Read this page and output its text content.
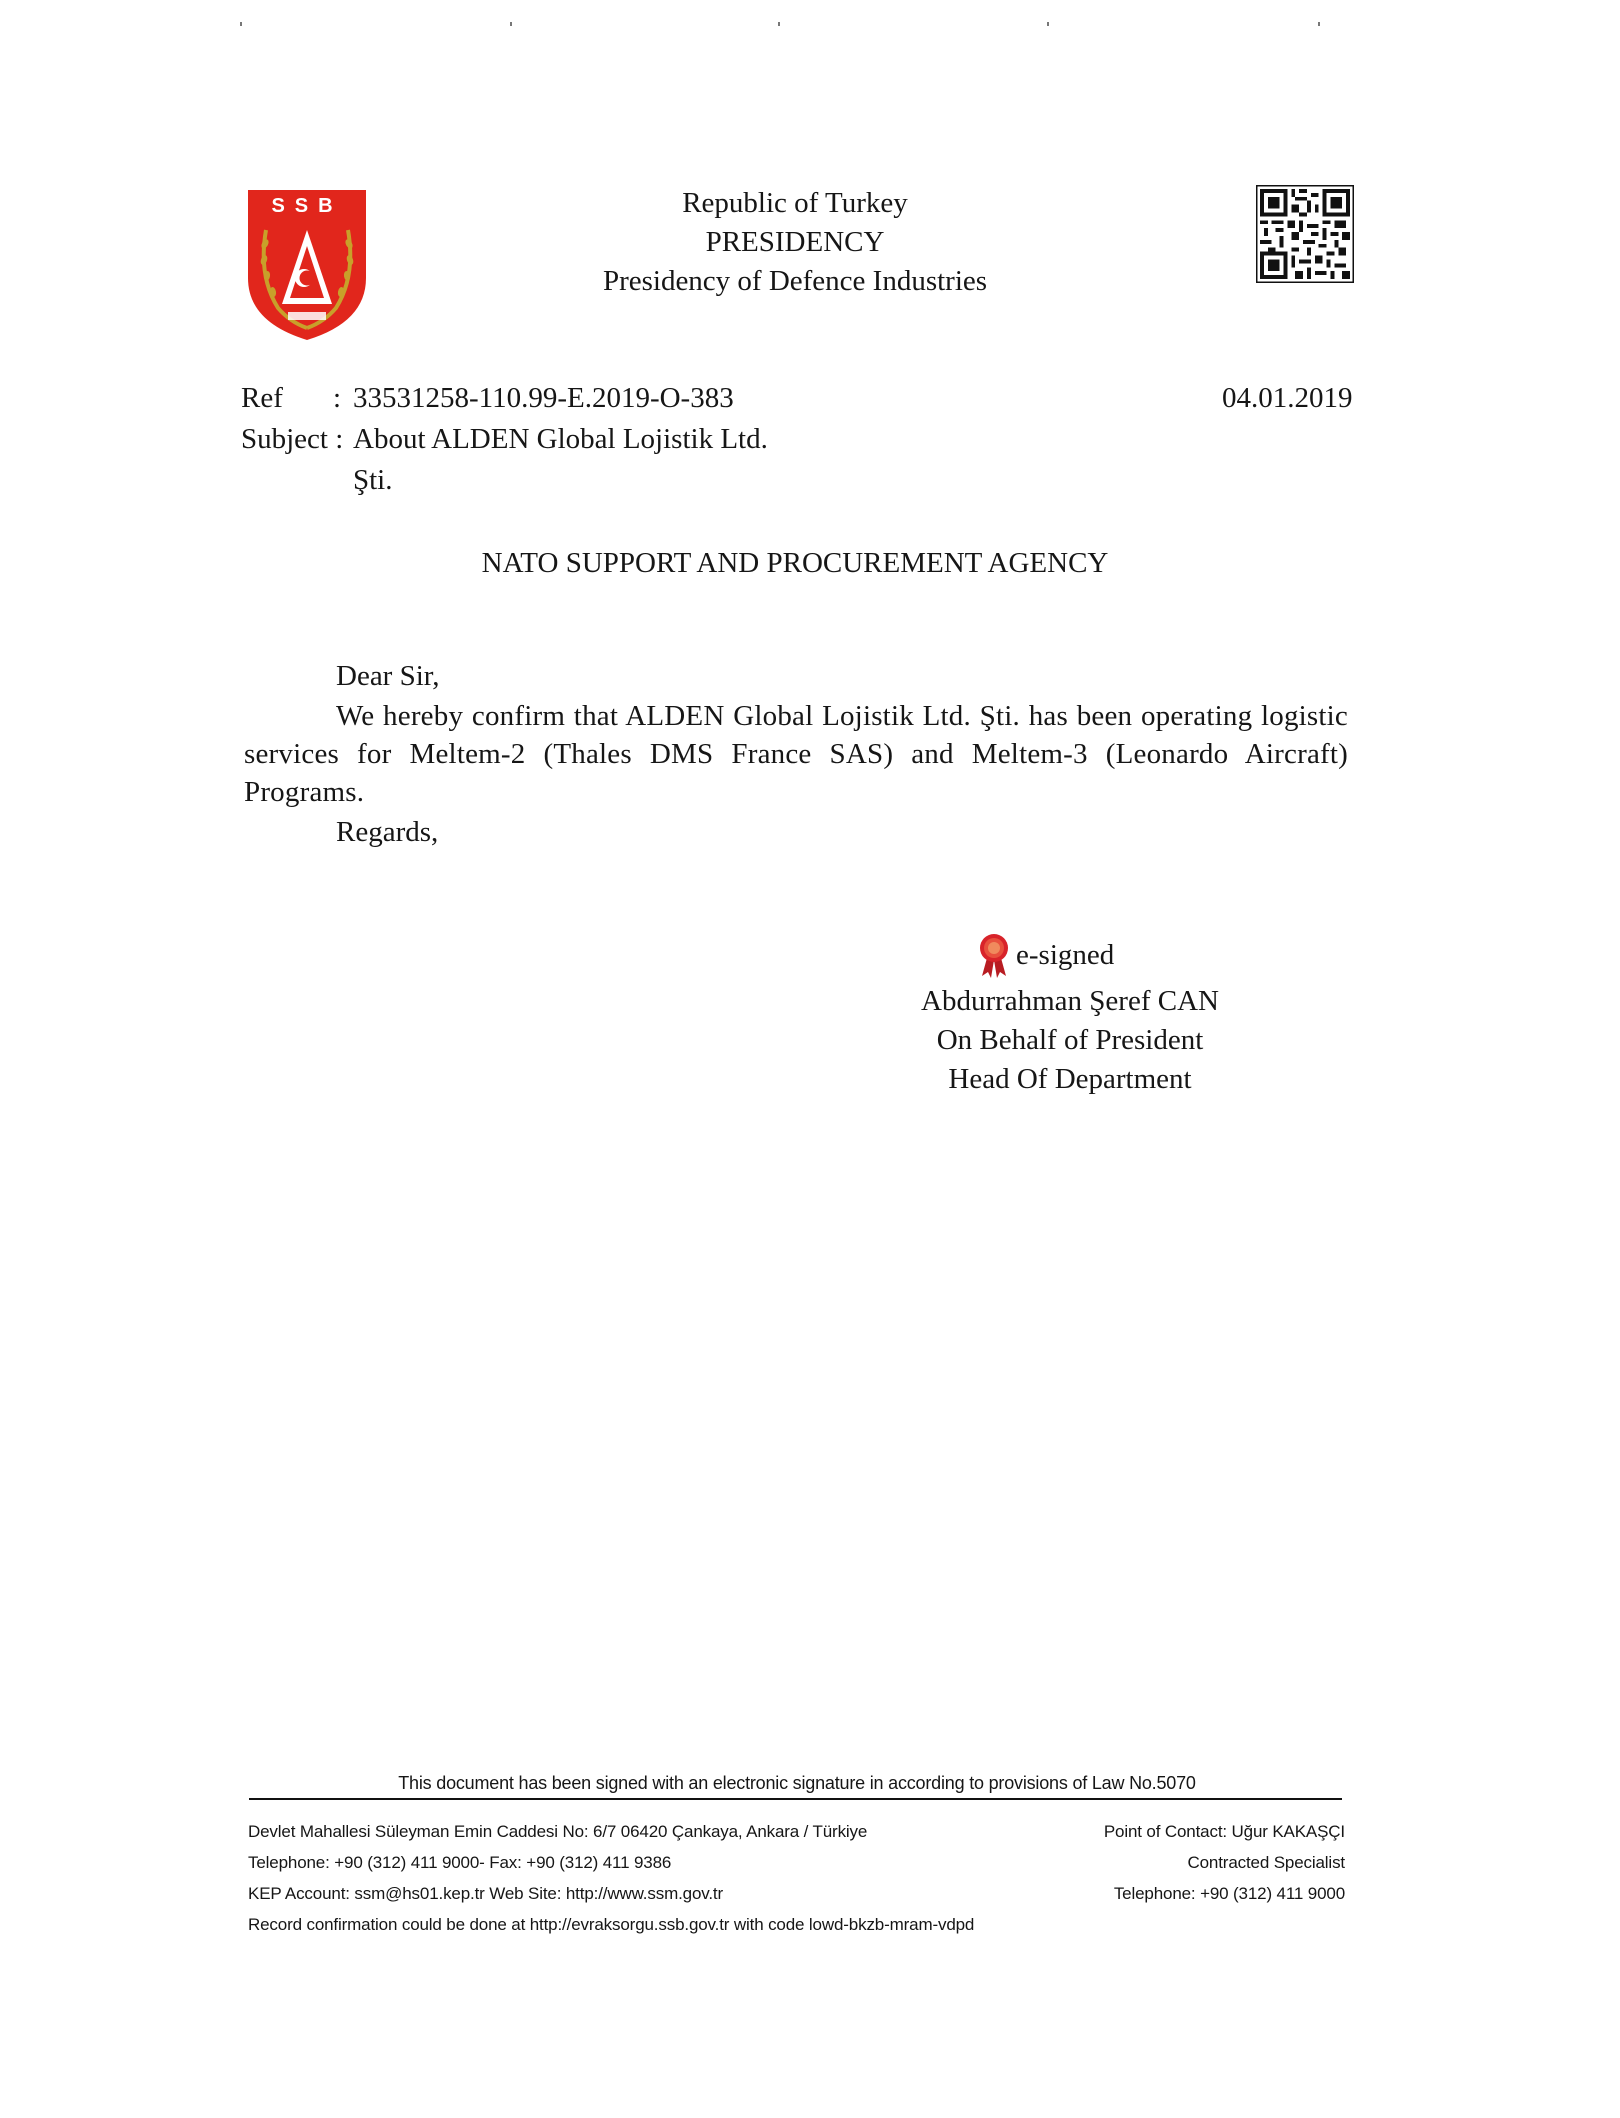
SSB	Republic of Turkey
PRESIDENCY
Presidency of Defence Industries
Ref : 33531258-110.99-E.2019-O-383	04.01.2019
Subject : About ALDEN Global Lojistik Ltd.
Şti.
NATO SUPPORT AND PROCUREMENT AGENCY
Dear Sir,
We hereby confirm that ALDEN Global Lojistik Ltd. Şti. has been operating logistic services for Meltem-2 (Thales DMS France SAS) and Meltem-3 (Leonardo Aircraft) Programs.
Regards,
e-signed
Abdurrahman Şeref CAN
On Behalf of President
Head Of Department
This document has been signed with an electronic signature in according to provisions of Law No.5070
Devlet Mahallesi Süleyman Emin Caddesi No: 6/7 06420 Çankaya, Ankara / Türkiye
Telephone: +90 (312) 411 9000- Fax: +90 (312) 411 9386
KEP Account: ssm@hs01.kep.tr Web Site: http://www.ssm.gov.tr
Record confirmation could be done at http://evraksorgu.ssb.gov.tr with code lowd-bkzb-mram-vdpd
Point of Contact: Uğur KAKAŞÇI
Contracted Specialist
Telephone: +90 (312) 411 9000
